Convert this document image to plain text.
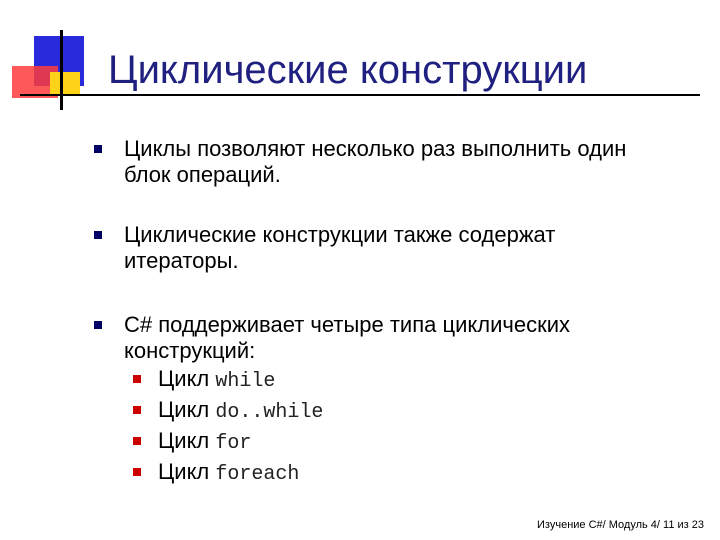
Циклические конструкции
Циклы позволяют несколько раз выполнить один
блок операций.
Циклические конструкции также содержат
итераторы.
C# поддерживает четыре типа циклических
конструкций:
Цикл while
Цикл do..while
Цикл for
Цикл foreach
Изучение C#/ Модуль 4/ 11 из 23
